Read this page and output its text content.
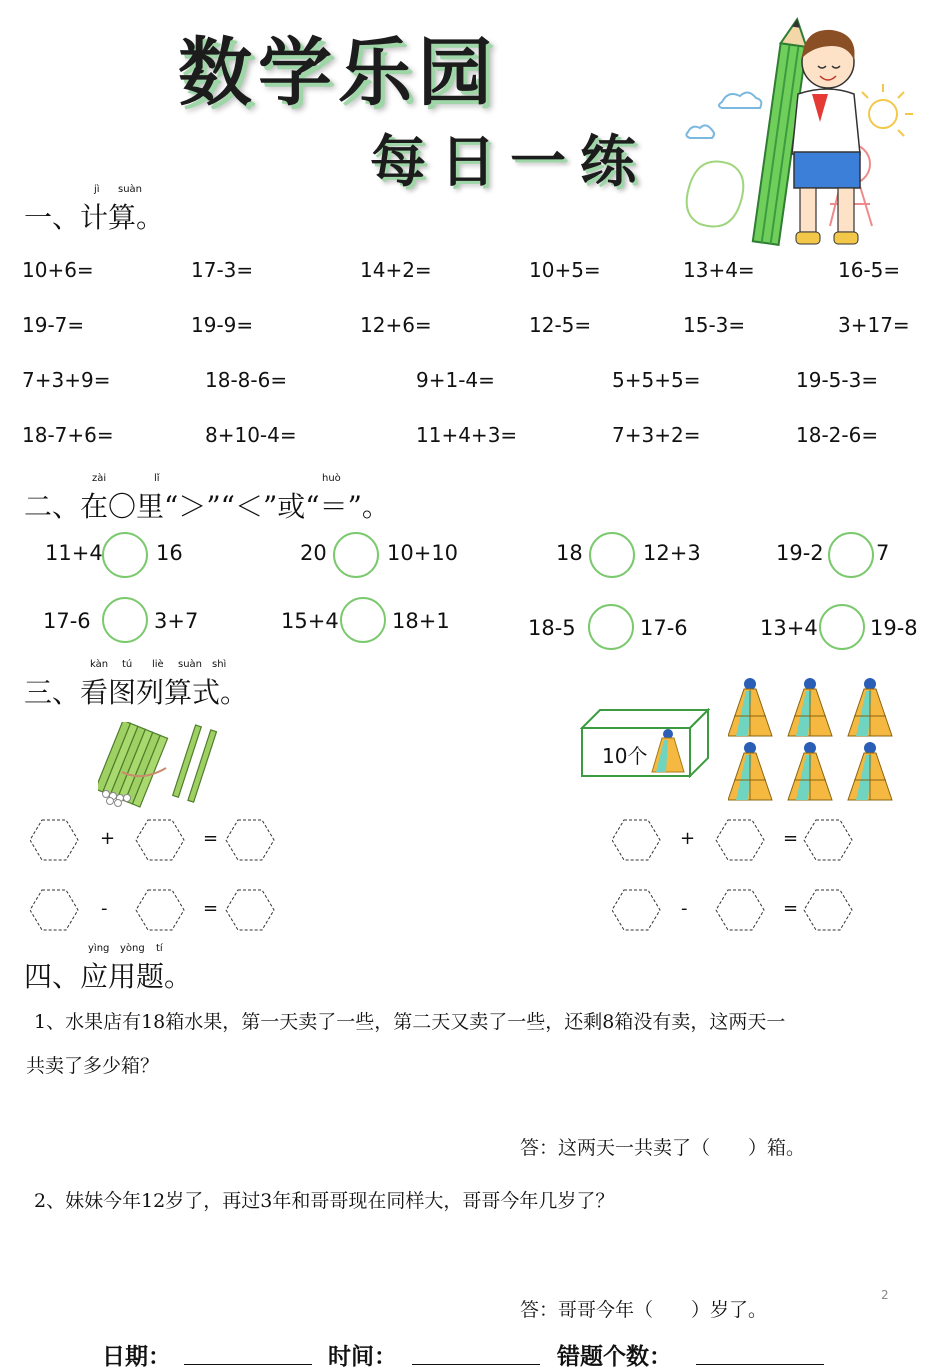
数学乐园
每日一练
一、计算。
jì suàn
10+6=	17-3=	14+2=	10+5=	13+4=	16-5=
19-7=	19-9=	12+6=	12-5=	15-3=	3+17=
7+3+9=	18-8-6=	9+1-4=	5+5+5=	19-5-3=
18-7+6=	8+10-4=	11+4+3=	7+3+2=	18-2-6=
二、在〇里“＞”“＜”或“＝”。
zài	lǐ	huò
11+4	16	20	10+10	18	12+3	19-2 7
17-6	3+7	15+4	18+1	18-5	17-6	13+4 19-8
三、看图列算式。
kàn tú liè suàn shì
10个
+	=
-	=
+	=
-	=
四、应用题。
yìng yòng tí
1、水果店有18箱水果，第一天卖了一些，第二天又卖了一些，还剩8箱没有卖，这两天一
共卖了多少箱？
答：这两天一共卖了（　　）箱。
2、妹妹今年12岁了，再过3年和哥哥现在同样大，哥哥今年几岁了？
答：哥哥今年（　　）岁了。
2
日期：	时间：	错题个数：
